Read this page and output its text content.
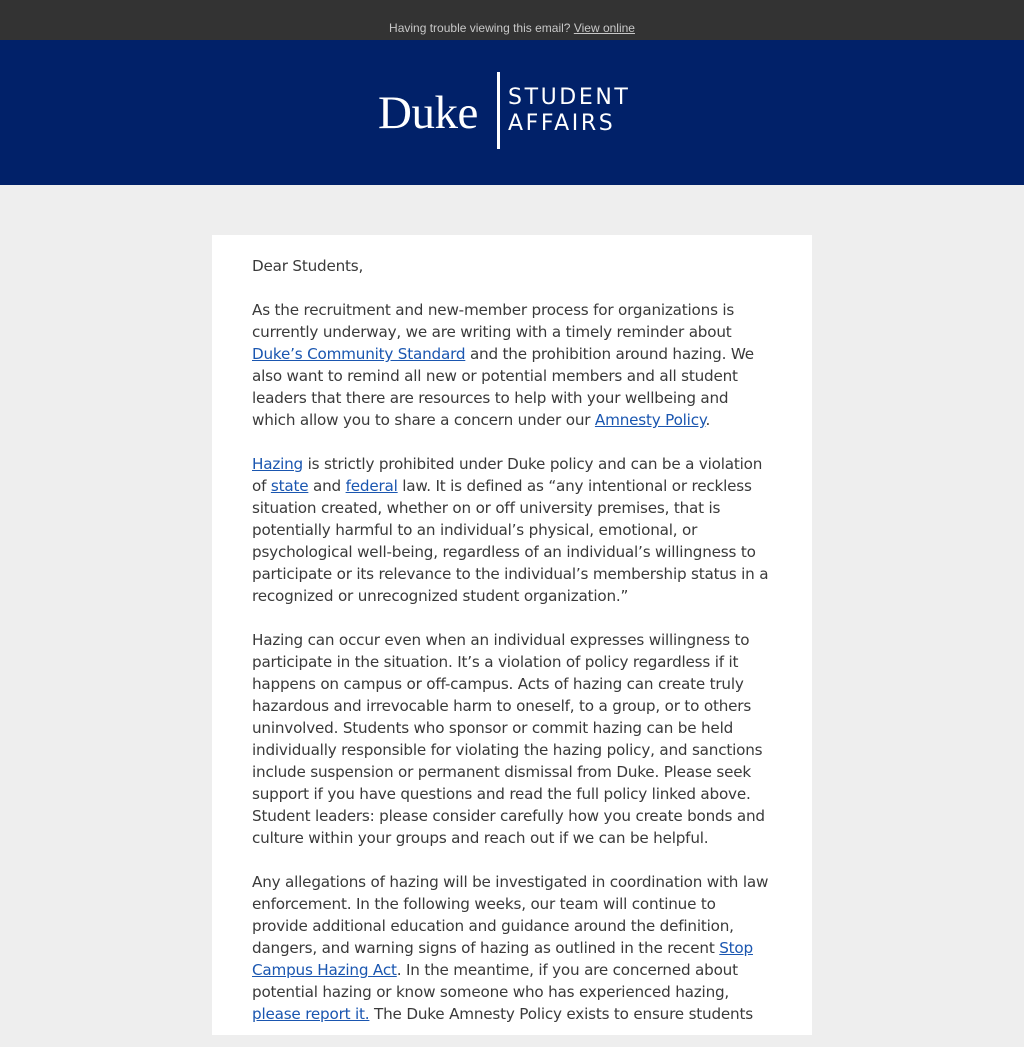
Having trouble viewing this email? View online
Duke STUDENT
AFFAIRS

Dear Students,

As the recruitment and new-member process for organizations is currently underway, we are writing with a timely reminder about Duke’s Community Standard and the prohibition around hazing. We also want to remind all new or potential members and all student leaders that there are resources to help with your wellbeing and which allow you to share a concern under our Amnesty Policy.

Hazing is strictly prohibited under Duke policy and can be a violation of state and federal law. It is defined as “any intentional or reckless situation created, whether on or off university premises, that is potentially harmful to an individual’s physical, emotional, or psychological well-being, regardless of an individual’s willingness to participate or its relevance to the individual’s membership status in a recognized or unrecognized student organization.”

Hazing can occur even when an individual expresses willingness to participate in the situation. It’s a violation of policy regardless if it happens on campus or off-campus. Acts of hazing can create truly hazardous and irrevocable harm to oneself, to a group, or to others uninvolved. Students who sponsor or commit hazing can be held individually responsible for violating the hazing policy, and sanctions include suspension or permanent dismissal from Duke. Please seek support if you have questions and read the full policy linked above. Student leaders: please consider carefully how you create bonds and culture within your groups and reach out if we can be helpful.

Any allegations of hazing will be investigated in coordination with law enforcement. In the following weeks, our team will continue to provide additional education and guidance around the definition, dangers, and warning signs of hazing as outlined in the recent Stop Campus Hazing Act. In the meantime, if you are concerned about potential hazing or know someone who has experienced hazing, please report it. The Duke Amnesty Policy exists to ensure students
